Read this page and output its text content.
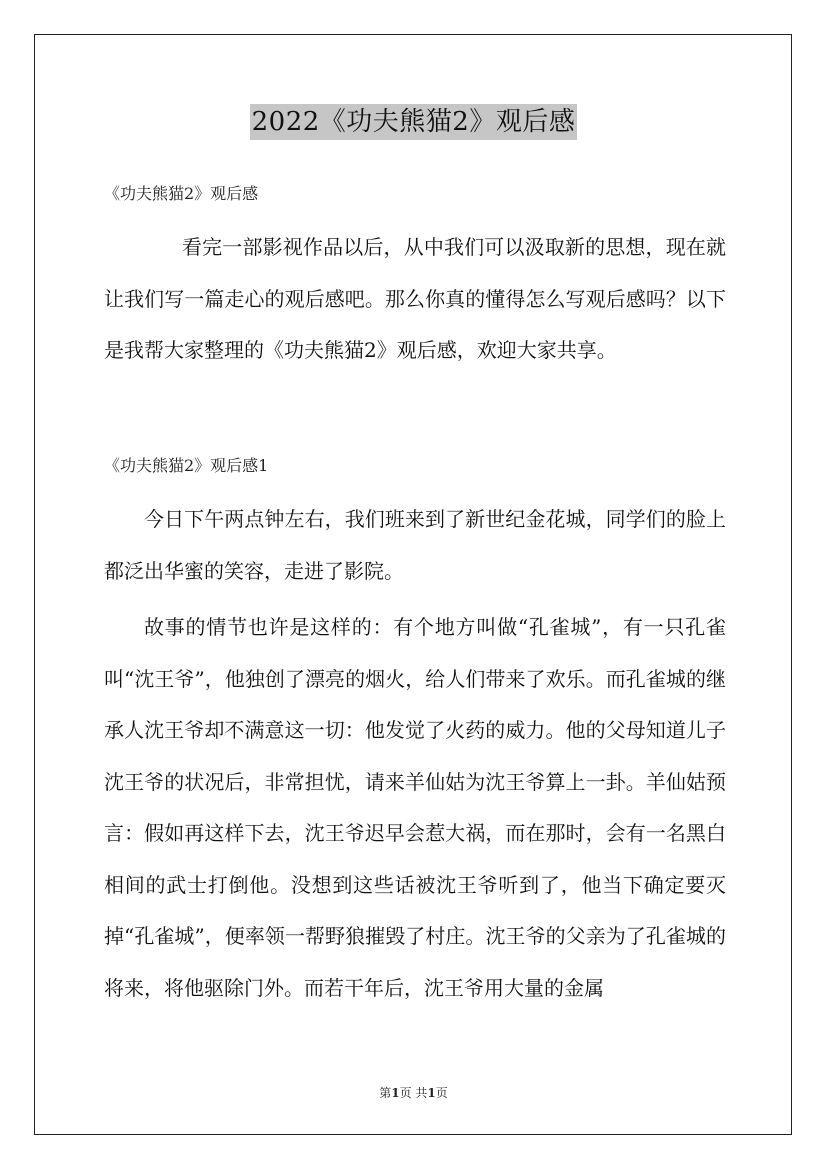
2022《功夫熊猫2》观后感
《功夫熊猫2》观后感

看完一部影视作品以后，从中我们可以汲取新的思想，现在就让我们写一篇走心的观后感吧。那么你真的懂得怎么写观后感吗？以下是我帮大家整理的《功夫熊猫2》观后感，欢迎大家共享。

《功夫熊猫2》观后感1

今日下午两点钟左右，我们班来到了新世纪金花城，同学们的脸上都泛出华蜜的笑容，走进了影院。

故事的情节也许是这样的：有个地方叫做“孔雀城”，有一只孔雀叫“沈王爷”，他独创了漂亮的烟火，给人们带来了欢乐。而孔雀城的继承人沈王爷却不满意这一切：他发觉了火药的威力。他的父母知道儿子沈王爷的状况后，非常担忧，请来羊仙姑为沈王爷算上一卦。羊仙姑预言：假如再这样下去，沈王爷迟早会惹大祸，而在那时，会有一名黑白相间的武士打倒他。没想到这些话被沈王爷听到了，他当下确定要灭掉“孔雀城”，便率领一帮野狼摧毁了村庄。沈王爷的父亲为了孔雀城的将来，将他驱除门外。而若干年后，沈王爷用大量的金属

第1页 共1页
